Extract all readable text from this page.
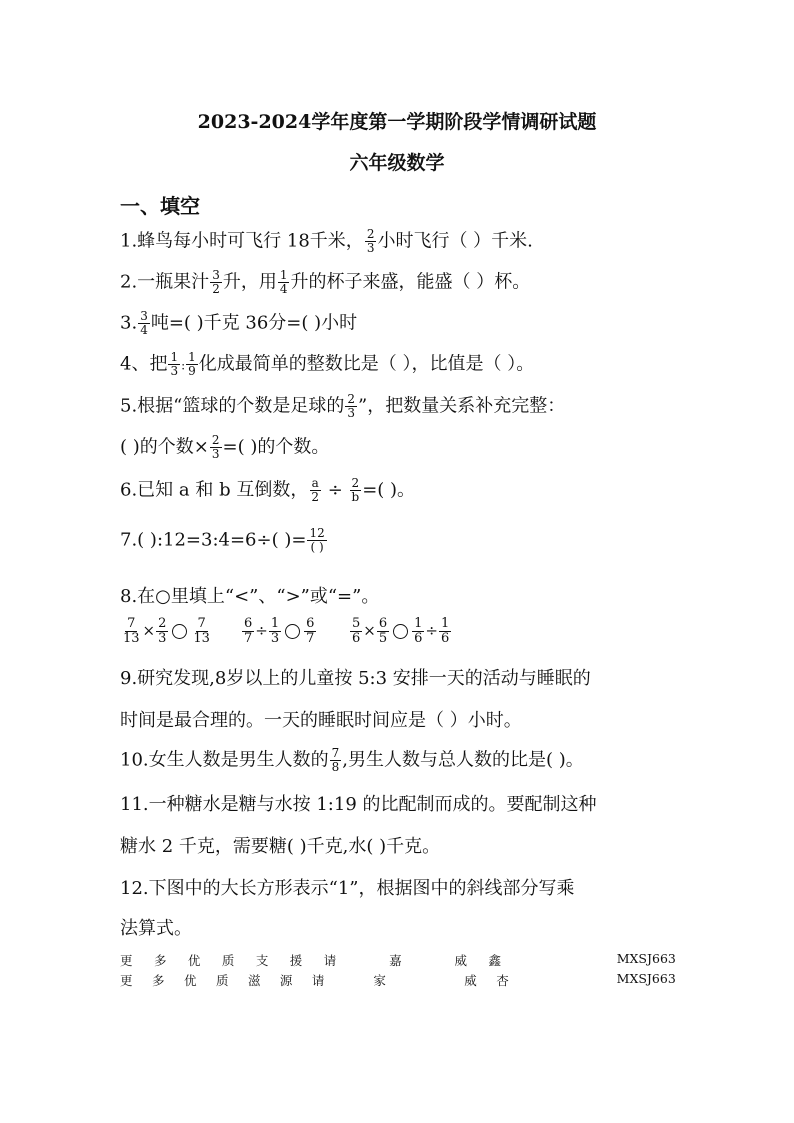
2023-2024学年度第一学期阶段学情调研试题
六年级数学
一、填空
1.蜂鸟每小时可飞行 18千米， $\frac{2}{3}$ 小时飞行（ ）千米.
2.一瓶果汁 $\frac{3}{2}$ 升，用 $\frac{1}{4}$ 升的杯子来盛，能盛（ ）杯。
3. $\frac{3}{4}$ 吨=( )千克 36分=( )小时
4、把 $\frac{1}{3}$ : $\frac{1}{9}$ 化成最简单的整数比是（ ），比值是（ ）。
5.根据“篮球的个数是足球的 $\frac{2}{3}$ ”，把数量关系补充完整：
( )的个数× $\frac{2}{3}$ =( )的个数。
6.已知 a 和 b 互倒数， $\frac{a}{2} \div \frac{2}{b}$ =( )。
7.( ):12=3:4=6÷( )= 12
( )
8.在○里填上“<”、“>”或“=”。
$\frac{7}{13} \times \frac{2}{3} \frac{7}{13} \frac{6}{7} \div \frac{1}{3} \frac{6}{7}$	$\frac{5}{6} \times \frac{6}{5} \frac{1}{6} \div \frac{1}{6}$
9.研究发现,8岁以上的儿童按 5:3 安排一天的活动与睡眠的
时间是最合理的。一天的睡眠时间应是（ ）小时。
10.女生人数是男生人数的 $\frac{7}{8}$ ,男生人数与总人数的比是( )。
11.一种糖水是糖与水按 1:19 的比配制而成的。要配制这种
糖水 2 千克，需要糖( )千克,水( )千克。
12.下图中的大长方形表示“1”，根据图中的斜线部分写乘
法算式。
更 多 优 质 支 援 请	嘉	威 鑫	MXSJ663
更 多 优 质 滋 源 请	家	威 杏	MXSJ663
